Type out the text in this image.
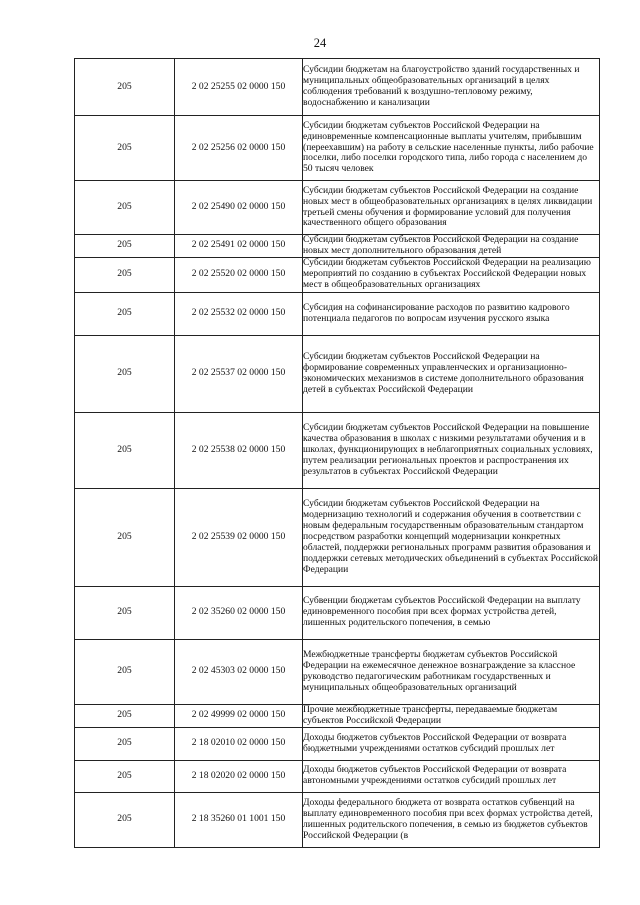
24
205	2 02 25255 02 0000 150	Субсидии бюджетам на благоустройство зданий государственных и муниципальных общеобразовательных организаций в целях соблюдения требований к воздушно-тепловому режиму, водоснабжению и канализации

205	2 02 25256 02 0000 150	Субсидии бюджетам субъектов Российской Федерации на единовременные компенсационные выплаты учителям, прибывшим (переехавшим) на работу в сельские населенные пункты, либо рабочие поселки, либо поселки городского типа, либо города с населением до 50 тысяч человек

205	2 02 25490 02 0000 150	Субсидии бюджетам субъектов Российской Федерации на создание новых мест в общеобразовательных организациях в целях ликвидации третьей смены обучения и формирование условий для получения качественного общего образования

205	2 02 25491 02 0000 150	Субсидии бюджетам субъектов Российской Федерации на создание новых мест дополнительного образования детей

205	2 02 25520 02 0000 150	Субсидии бюджетам субъектов Российской Федерации на реализацию мероприятий по созданию в субъектах Российской Федерации новых мест в общеобразовательных организациях

205	2 02 25532 02 0000 150	Субсидия на софинансирование расходов по развитию кадрового потенциала педагогов по вопросам изучения русского языка

205	2 02 25537 02 0000 150	Субсидии бюджетам субъектов Российской Федерации на формирование современных управленческих и организационно-экономических механизмов в системе дополнительного образования детей в субъектах Российской Федерации

205	2 02 25538 02 0000 150	Субсидии бюджетам субъектов Российской Федерации на повышение качества образования в школах с низкими результатами обучения и в школах, функционирующих в неблагоприятных социальных условиях, путем реализации региональных проектов и распространения их результатов в субъектах Российской Федерации

205	2 02 25539 02 0000 150	Субсидии бюджетам субъектов Российской Федерации на модернизацию технологий и содержания обучения в соответствии с новым федеральным государственным образовательным стандартом посредством разработки концепций модернизации конкретных областей, поддержки региональных программ развития образования и поддержки сетевых методических объединений в субъектах Российской Федерации

205	2 02 35260 02 0000 150	Субвенции бюджетам субъектов Российской Федерации на выплату единовременного пособия при всех формах устройства детей, лишенных родительского попечения, в семью

205	2 02 45303 02 0000 150	Межбюджетные трансферты бюджетам субъектов Российской Федерации на ежемесячное денежное вознаграждение за классное руководство педагогическим работникам государственных и муниципальных общеобразовательных организаций

205	2 02 49999 02 0000 150	Прочие межбюджетные трансферты, передаваемые бюджетам субъектов Российской Федерации

205	2 18 02010 02 0000 150	Доходы бюджетов субъектов Российской Федерации от возврата бюджетными учреждениями остатков субсидий прошлых лет

205	2 18 02020 02 0000 150	Доходы бюджетов субъектов Российской Федерации от возврата автономными учреждениями остатков субсидий прошлых лет

205	2 18 35260 01 1001 150	Доходы федерального бюджета от возврата остатков субвенций на выплату единовременного пособия при всех формах устройства детей, лишенных родительского попечения, в семью из бюджетов субъектов Российской Федерации (в
